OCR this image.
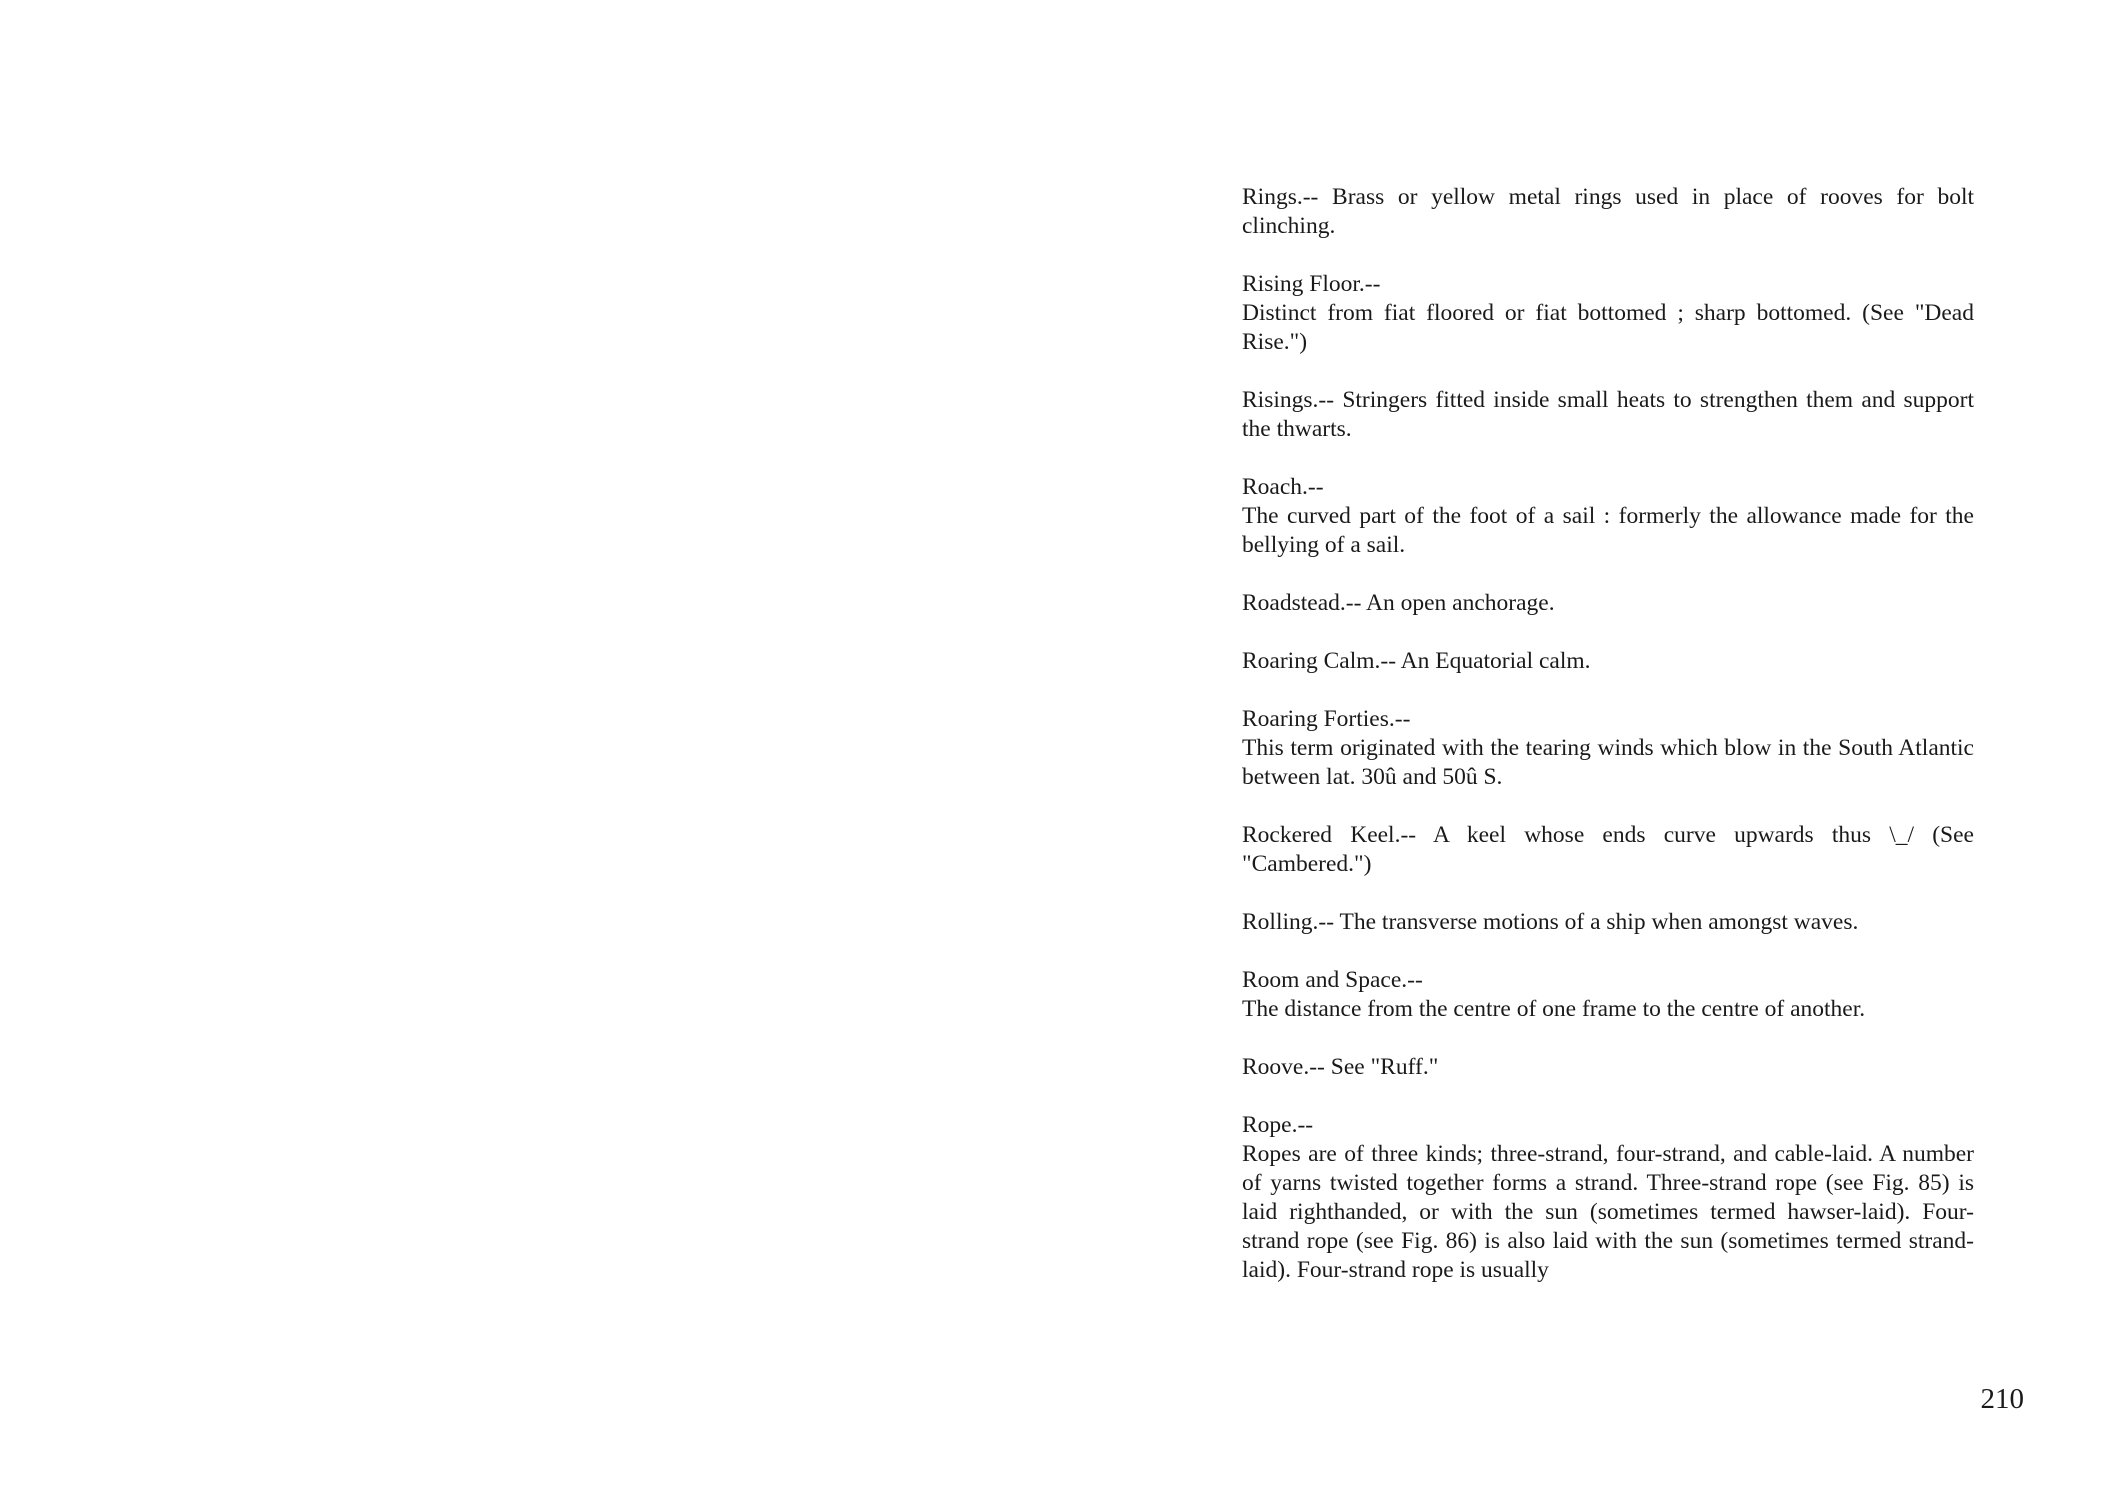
Rings.-- Brass or yellow metal rings used in place of rooves for bolt clinching.

Rising Floor.--
Distinct from fiat floored or fiat bottomed ; sharp bottomed. (See "Dead Rise.")

Risings.-- Stringers fitted inside small heats to strengthen them and support the thwarts.

Roach.--
The curved part of the foot of a sail : formerly the allowance made for the bellying of a sail.

Roadstead.-- An open anchorage.

Roaring Calm.-- An Equatorial calm.

Roaring Forties.--
This term originated with the tearing winds which blow in the South Atlantic between lat. 30û and 50û S.

Rockered Keel.-- A keel whose ends curve upwards thus \_/ (See "Cambered.")

Rolling.-- The transverse motions of a ship when amongst waves.

Room and Space.--
The distance from the centre of one frame to the centre of another.

Roove.-- See "Ruff."

Rope.--
Ropes are of three kinds; three-strand, four-strand, and cable-laid. A number of yarns twisted together forms a strand. Three-strand rope (see Fig. 85) is laid righthanded, or with the sun (sometimes termed hawser-laid). Four-strand rope (see Fig. 86) is also laid with the sun (sometimes termed strand-laid). Four-strand rope is usually

210
